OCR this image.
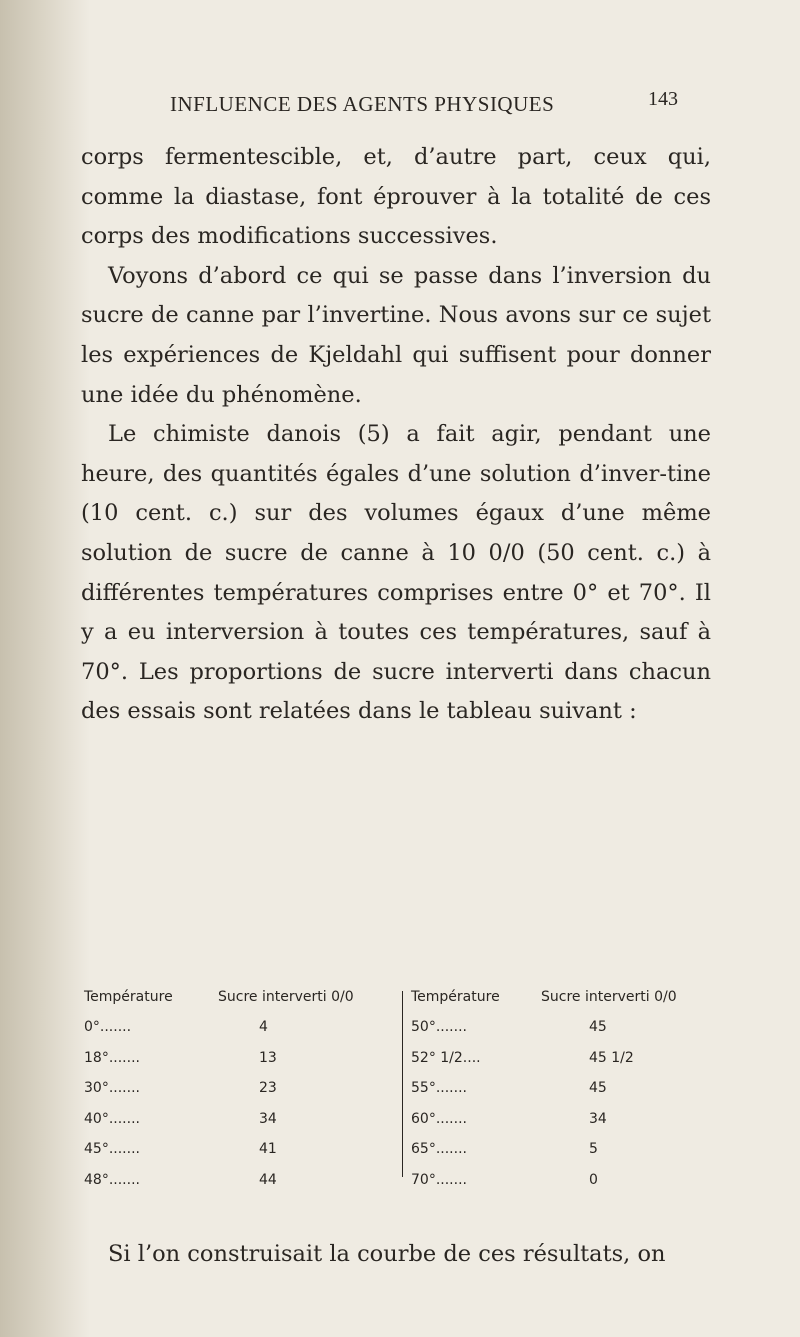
INFLUENCE DES AGENTS PHYSIQUES	143

corps fermentescible, et, d’autre part, ceux qui, comme la diastase, font éprouver à la totalité de ces corps des modifications successives.

Voyons d’abord ce qui se passe dans l’inversion du sucre de canne par l’invertine. Nous avons sur ce sujet les expériences de Kjeldahl qui suffisent pour donner une idée du phénomène.

Le chimiste danois (5) a fait agir, pendant une heure, des quantités égales d’une solution d’inver-tine (10 cent. c.) sur des volumes égaux d’une même solution de sucre de canne à 10 0/0 (50 cent. c.) à différentes températures comprises entre 0° et 70°. Il y a eu interversion à toutes ces températures, sauf à 70°. Les proportions de sucre interverti dans chacun des essais sont relatées dans le tableau suivant :

Température	Sucre interverti 0/0
0°.......	4
18°.......	13
30°.......	23
40°.......	34
45°.......	41
48°.......	44
Température	Sucre interverti 0/0
50°.......	45
52° 1/2....	45 1/2
55°.......	45
60°.......	34
65°.......	5
70°.......	0

Si l’on construisait la courbe de ces résultats, on
